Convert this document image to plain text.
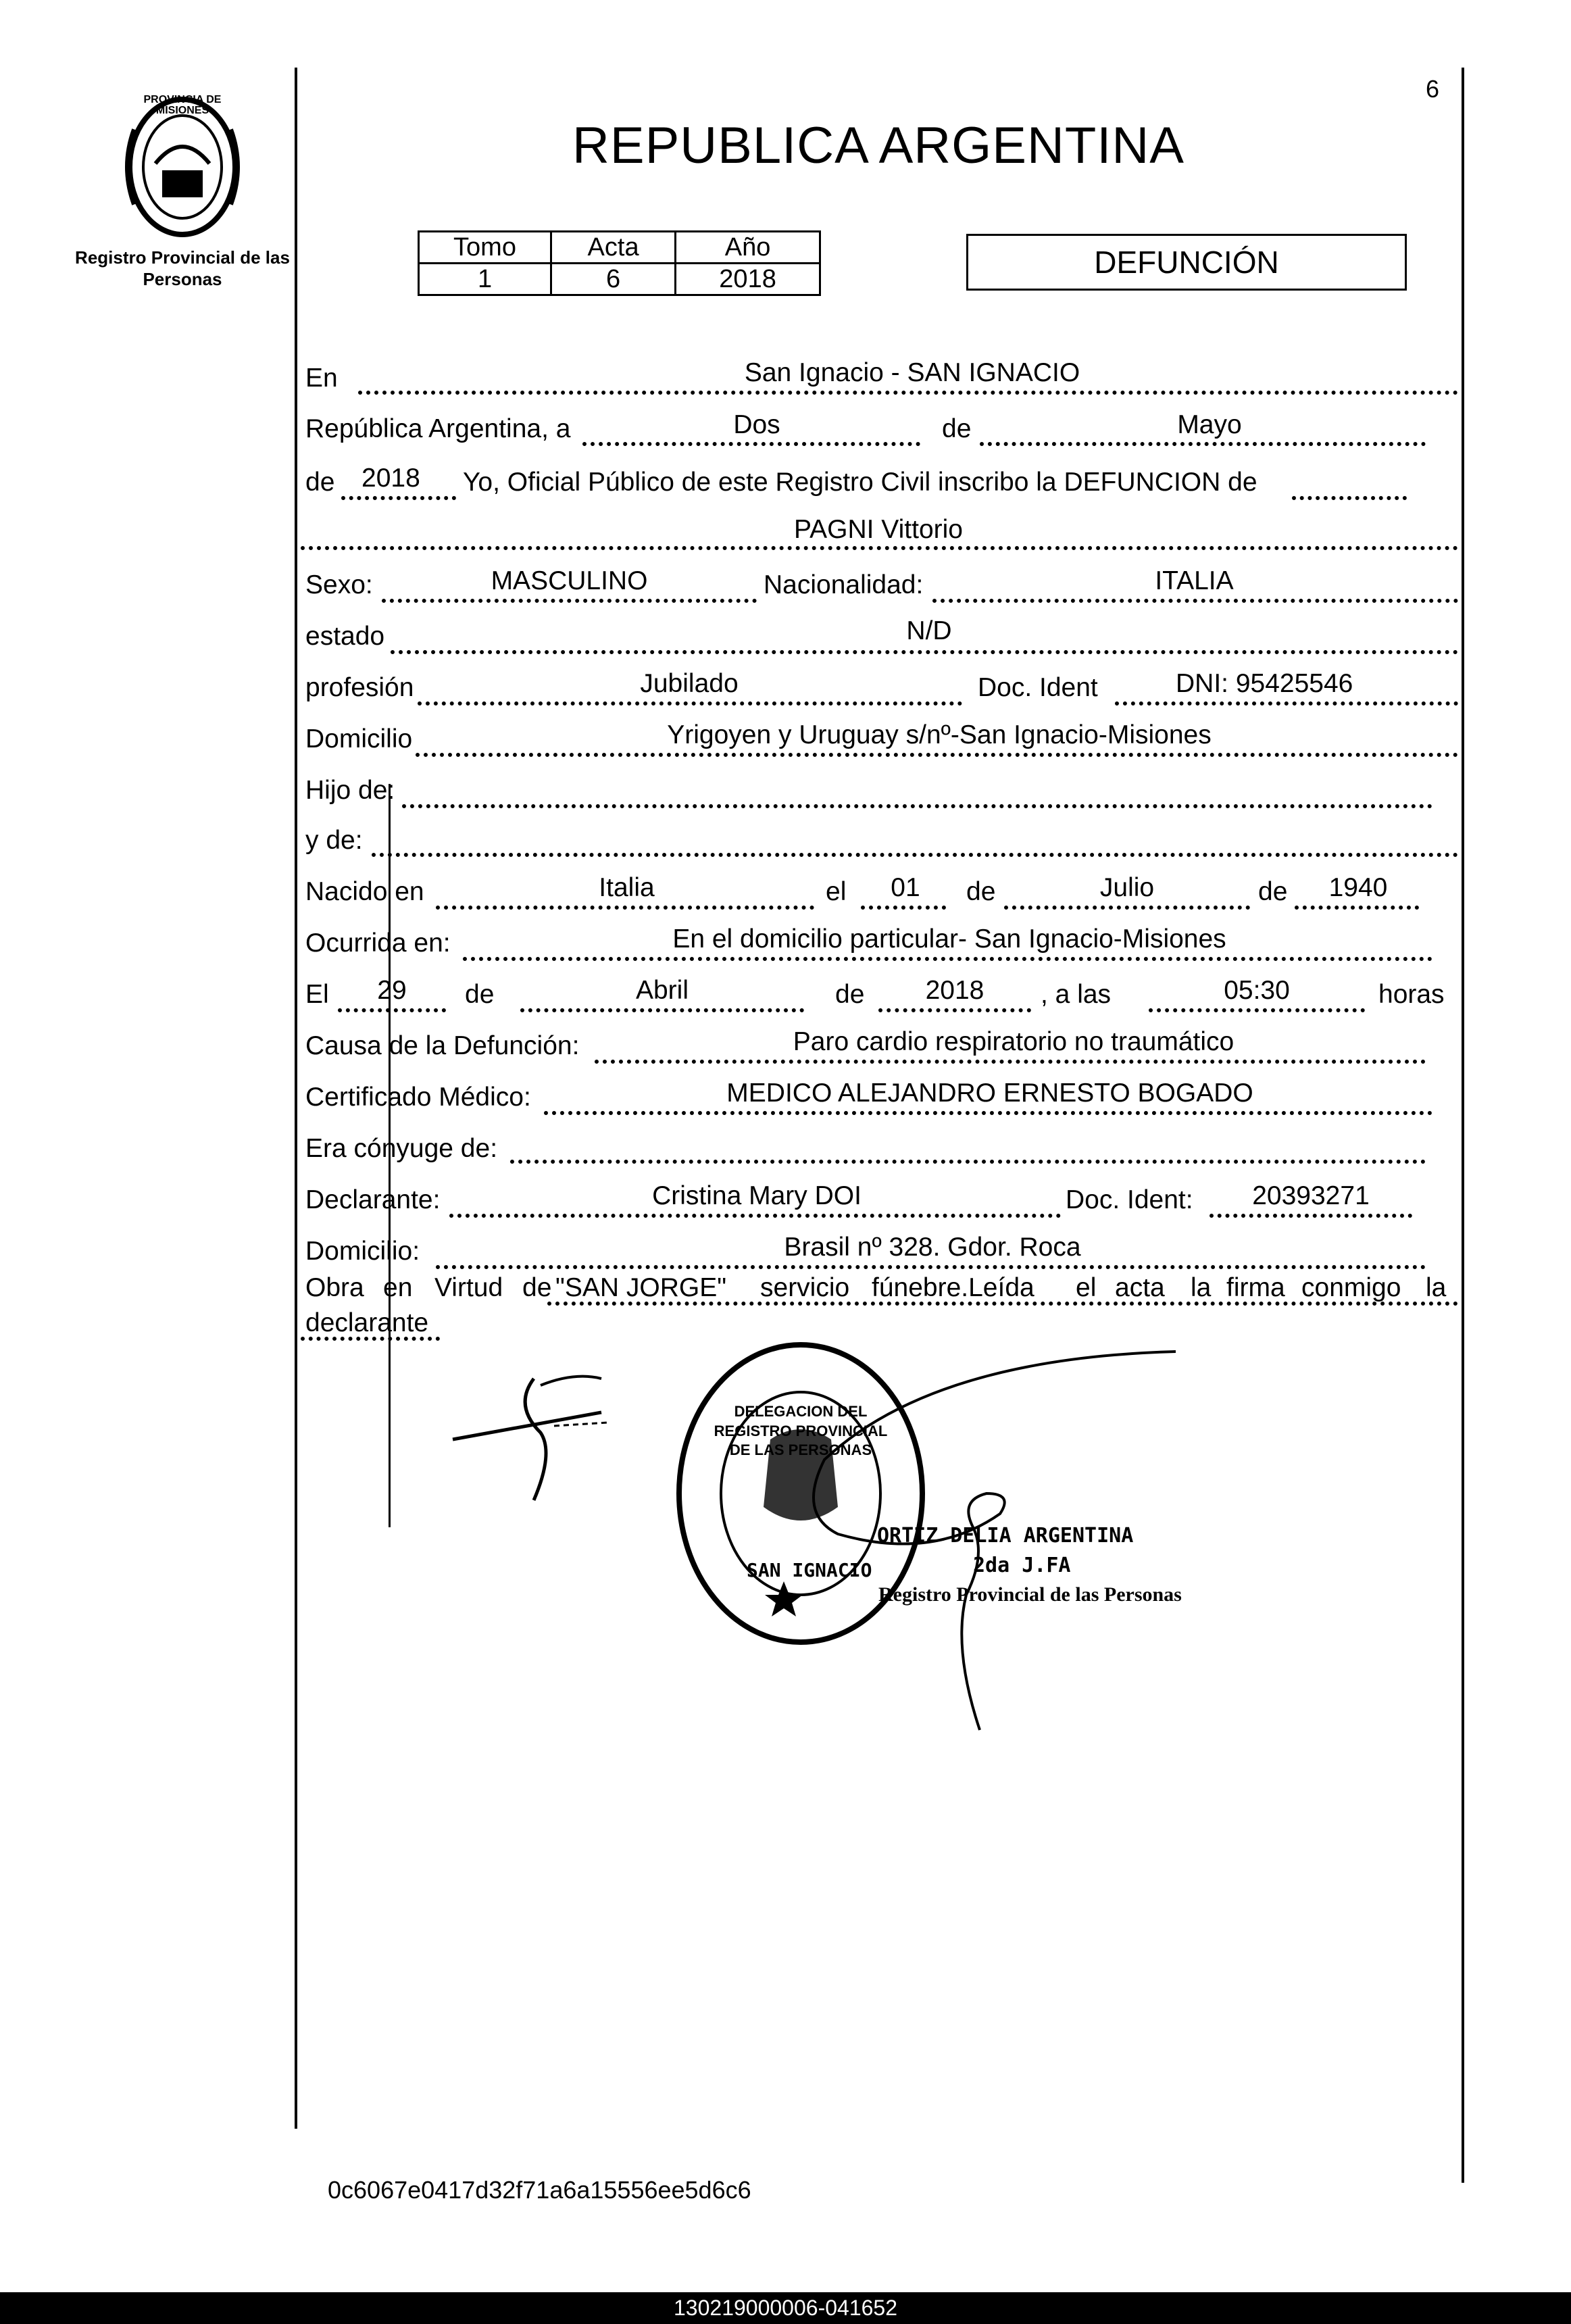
PROVINCIA DE MISIONES
Registro Provincial de las Personas
6
REPUBLICA ARGENTINA
Tomo	Acta	Año
1	6	2018	DEFUNCIÓN
En	San Ignacio - SAN IGNACIO
República Argentina, a	Dos	de	Mayo
de 2018 Yo, Oficial Público de este Registro Civil inscribo la DEFUNCION de
PAGNI Vittorio
Sexo:	MASCULINO	Nacionalidad:	ITALIA
estado	N/D
profesión	Jubilado	Doc. Ident	DNI: 95425546
Domicilio	Yrigoyen y Uruguay s/nº-San Ignacio-Misiones
Hijo de:
y de:
Nacido en	Italia	el	01	de	Julio	de	1940
Ocurrida en:	En el domicilio particular- San Ignacio-Misiones
El	29	de	Abril	de	2018	, a las	05:30	horas
Causa de la Defunción:	Paro cardio respiratorio no traumático
Certificado Médico:	MEDICO ALEJANDRO ERNESTO BOGADO
Era cónyuge de:
Declarante:	Cristina Mary DOI	Doc. Ident:	20393271
Domicilio:	Brasil nº 328. Gdor. Roca
Obra en Virtud de "SAN JORGE" servicio fúnebre.Leída el acta la firma conmigo la
declarante
DELEGACION DEL REGISTRO PROVINCIAL DE LAS PERSONAS
SAN IGNACIO
ORTIZ DELIA ARGENTINA
2da J.FA
Registro Provincial de las Personas
0c6067e0417d32f71a6a15556ee5d6c6
130219000006-041652
